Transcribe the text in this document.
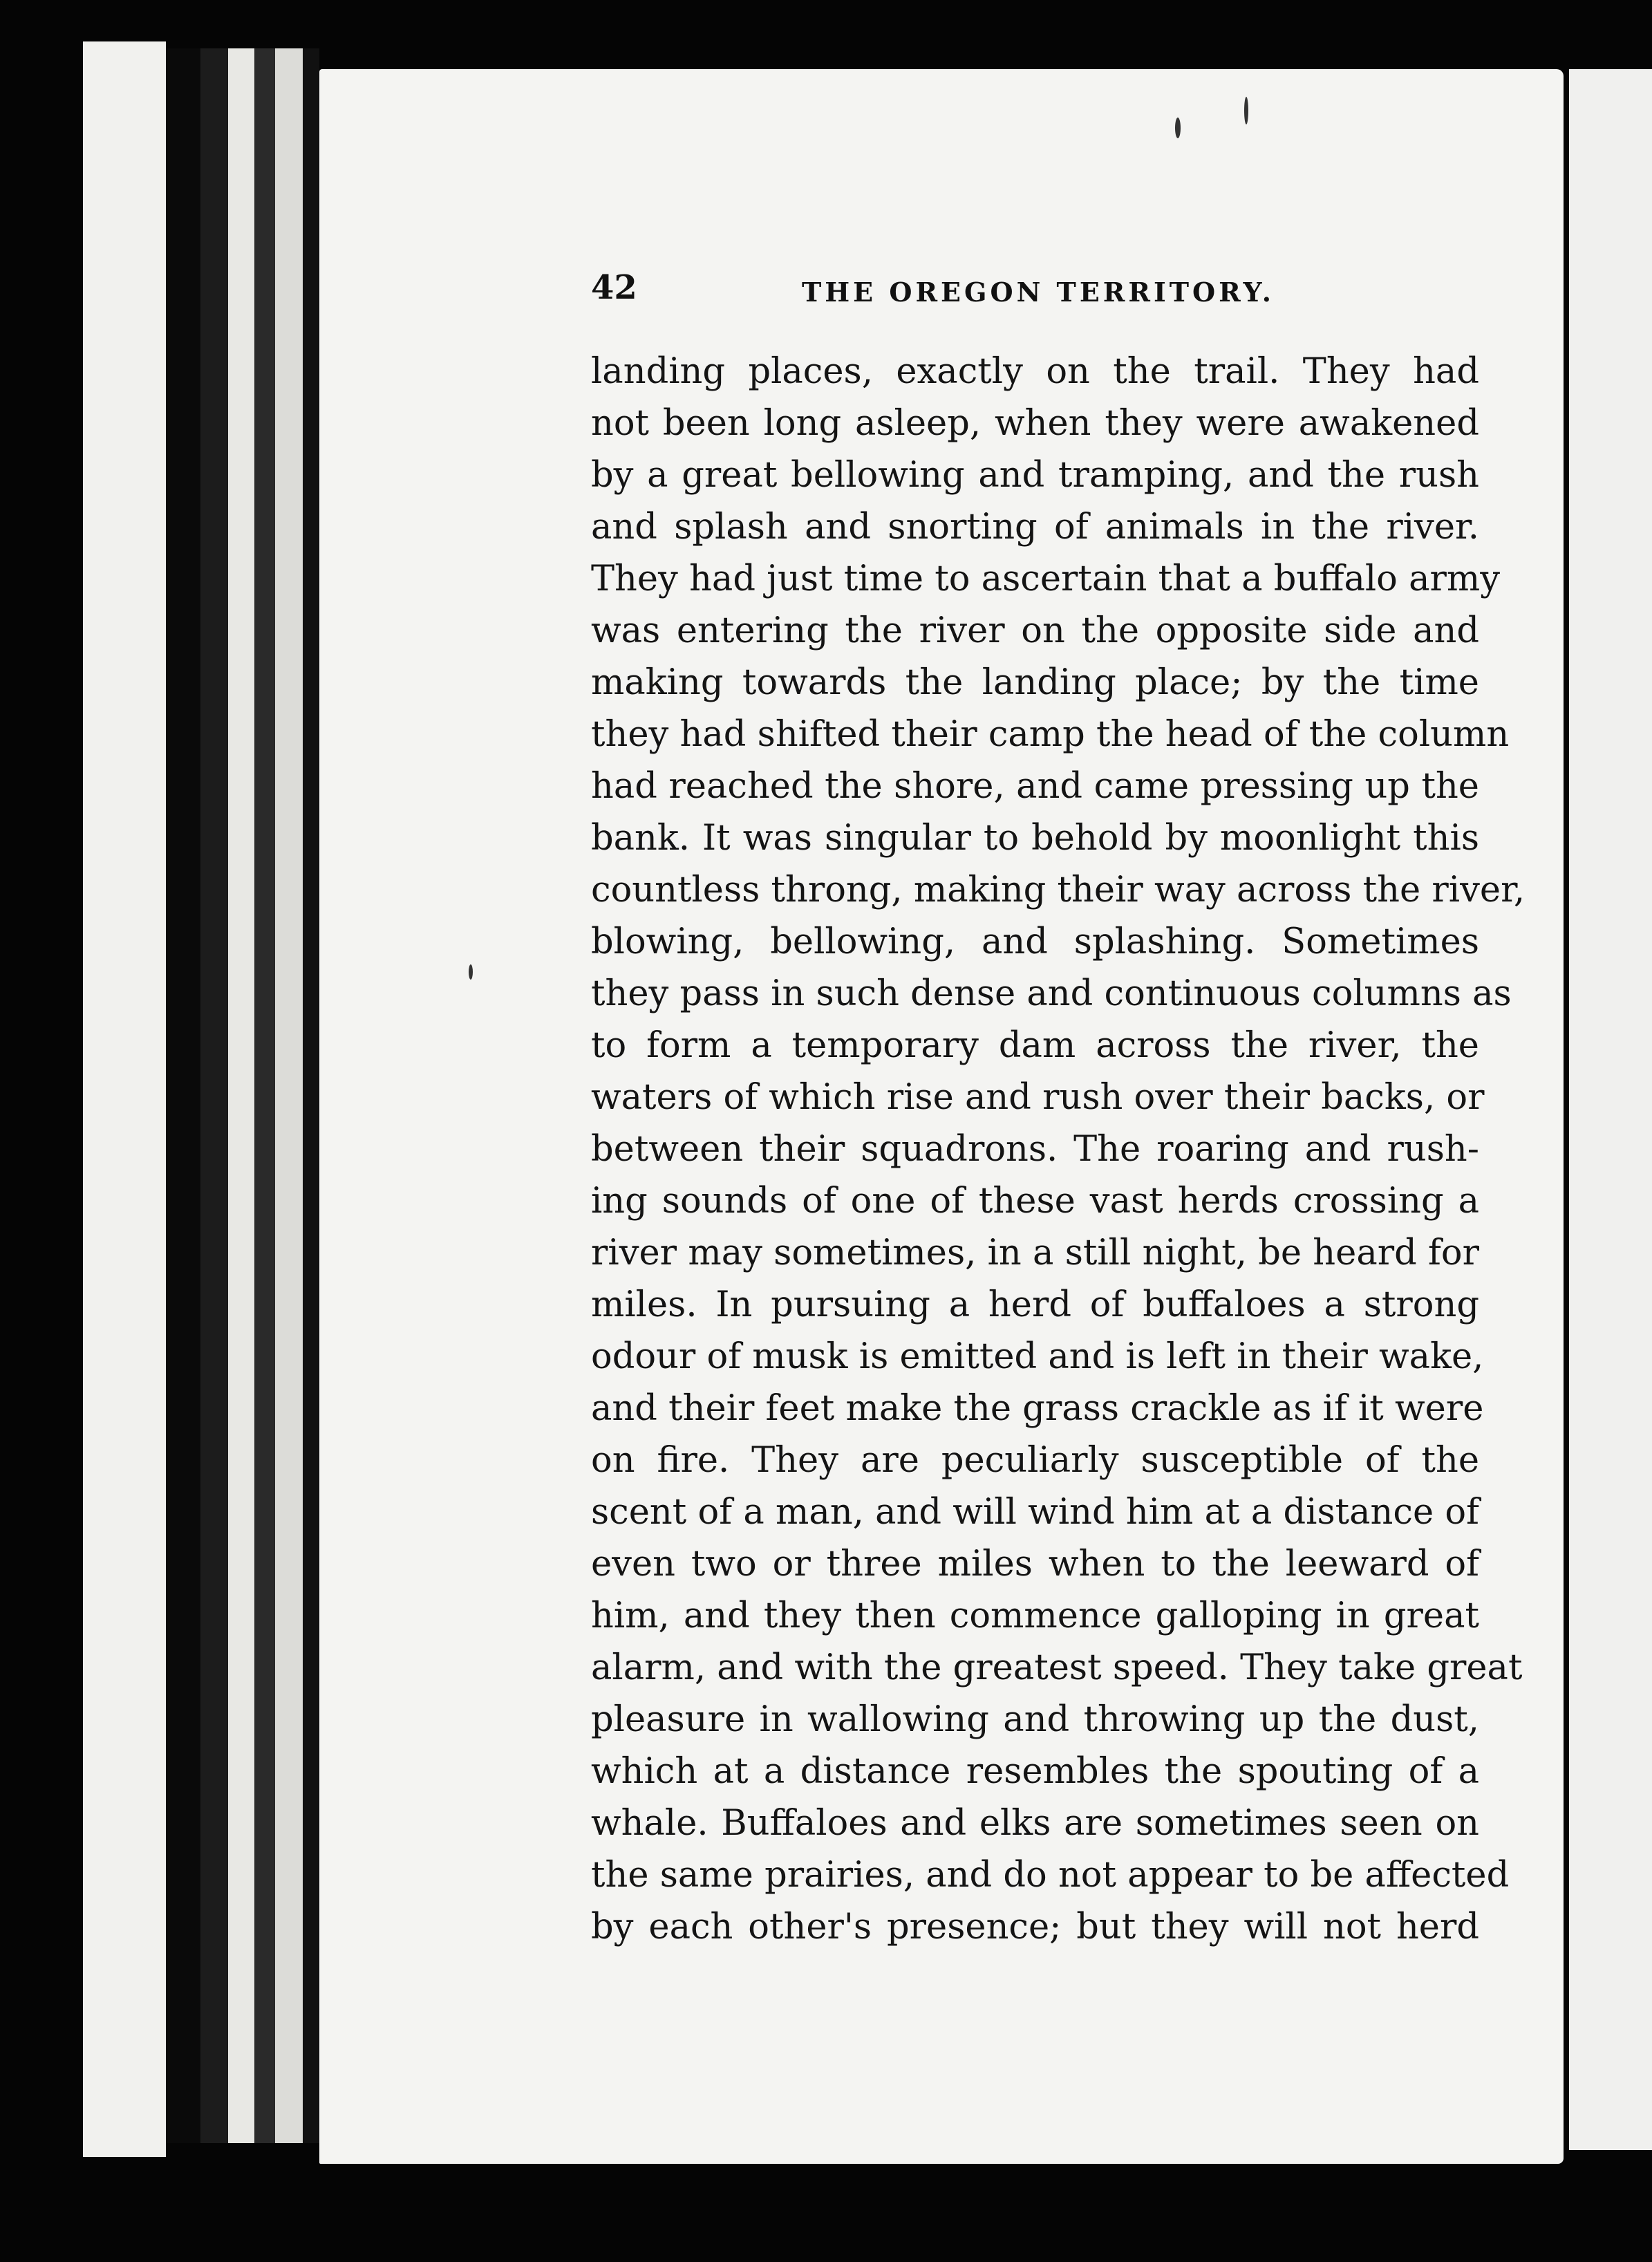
42	THE OREGON TERRITORY.
landing places, exactly on the trail. They had
not been long asleep, when they were awakened
by a great bellowing and tramping, and the rush
and splash and snorting of animals in the river.
They had just time to ascertain that a buffalo army
was entering the river on the opposite side and
making towards the landing place; by the time
they had shifted their camp the head of the column
had reached the shore, and came pressing up the
bank. It was singular to behold by moonlight this
countless throng, making their way across the river,
blowing, bellowing, and splashing. Sometimes
they pass in such dense and continuous columns as
to form a temporary dam across the river, the
waters of which rise and rush over their backs, or
between their squadrons. The roaring and rush-
ing sounds of one of these vast herds crossing a
river may sometimes, in a still night, be heard for
miles. In pursuing a herd of buffaloes a strong
odour of musk is emitted and is left in their wake,
and their feet make the grass crackle as if it were
on fire. They are peculiarly susceptible of the
scent of a man, and will wind him at a distance of
even two or three miles when to the leeward of
him, and they then commence galloping in great
alarm, and with the greatest speed. They take great
pleasure in wallowing and throwing up the dust,
which at a distance resembles the spouting of a
whale. Buffaloes and elks are sometimes seen on
the same prairies, and do not appear to be affected
by each other's presence; but they will not herd
